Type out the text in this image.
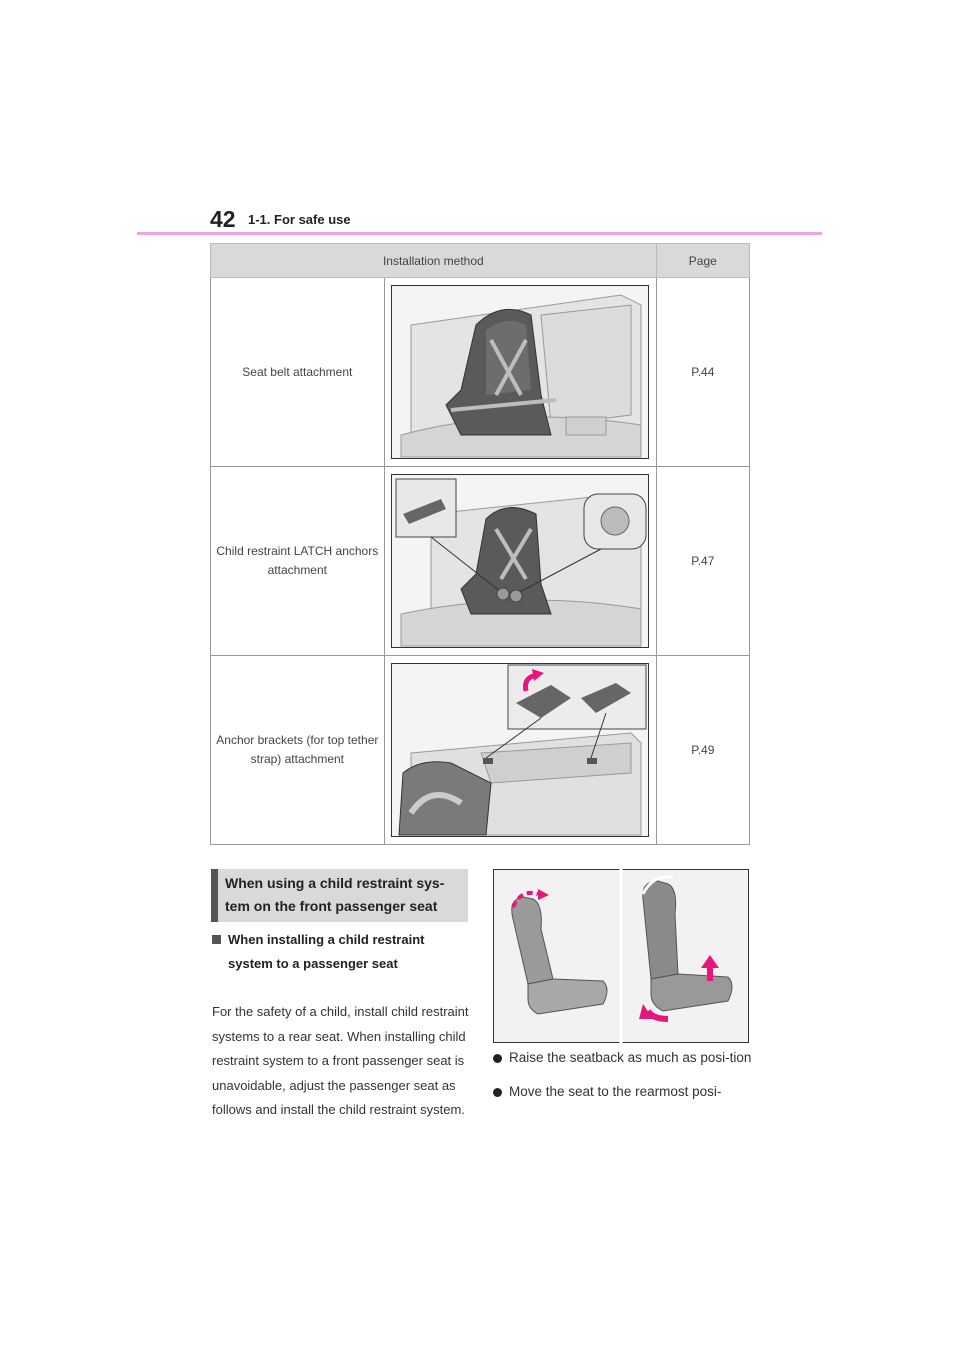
42 1-1. For safe use
Installation method		Page
Seat belt attachment		P.44
Child restraint LATCH anchors attachment		P.47
Anchor brackets (for top tether strap) attachment		P.49
When using a child restraint sys-tem on the front passenger seat
When installing a child restraint system to a passenger seat
For the safety of a child, install child restraint systems to a rear seat. When installing child restraint system to a front passenger seat is unavoidable, adjust the passenger seat as follows and install the child restraint system.
Raise the seatback as much as posi-tion
Move the seat to the rearmost posi-
